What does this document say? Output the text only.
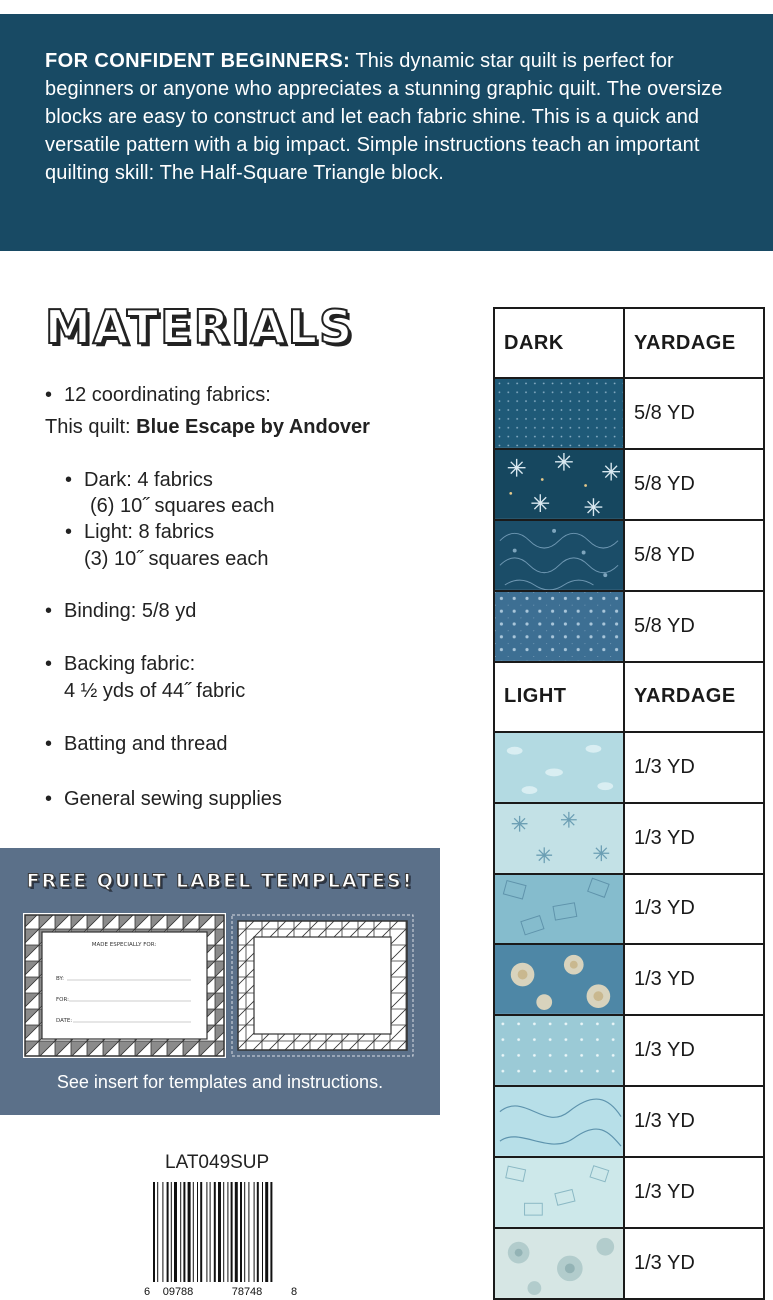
FOR CONFIDENT BEGINNERS: This dynamic star quilt is perfect for beginners or anyone who appreciates a stunning graphic quilt. The oversize blocks are easy to construct and let each fabric shine. This is a quick and versatile pattern with a big impact. Simple instructions teach an important quilting skill: The Half-Square Triangle block.

MATERIALS
• 12 coordinating fabrics:
This quilt: Blue Escape by Andover
• Dark: 4 fabrics
(6) 10˝ squares each
• Light: 8 fabrics
(3) 10˝ squares each
• Binding: 5/8 yd
• Backing fabric:
4 ½ yds of 44˝ fabric
• Batting and thread
• General sewing supplies
FREE QUILT LABEL TEMPLATES!
MADE ESPECIALLY FOR:
BY:
FOR:
DATE:
See insert for templates and instructions.
LAT049SUP
6 09788	78748	8
DARK	YARDAGE

	5/8 YD

	5/8 YD

	5/8 YD

	5/8 YD
LIGHT	YARDAGE

	1/3 YD

	1/3 YD

	1/3 YD

	1/3 YD

	1/3 YD

	1/3 YD

	1/3 YD

	1/3 YD
